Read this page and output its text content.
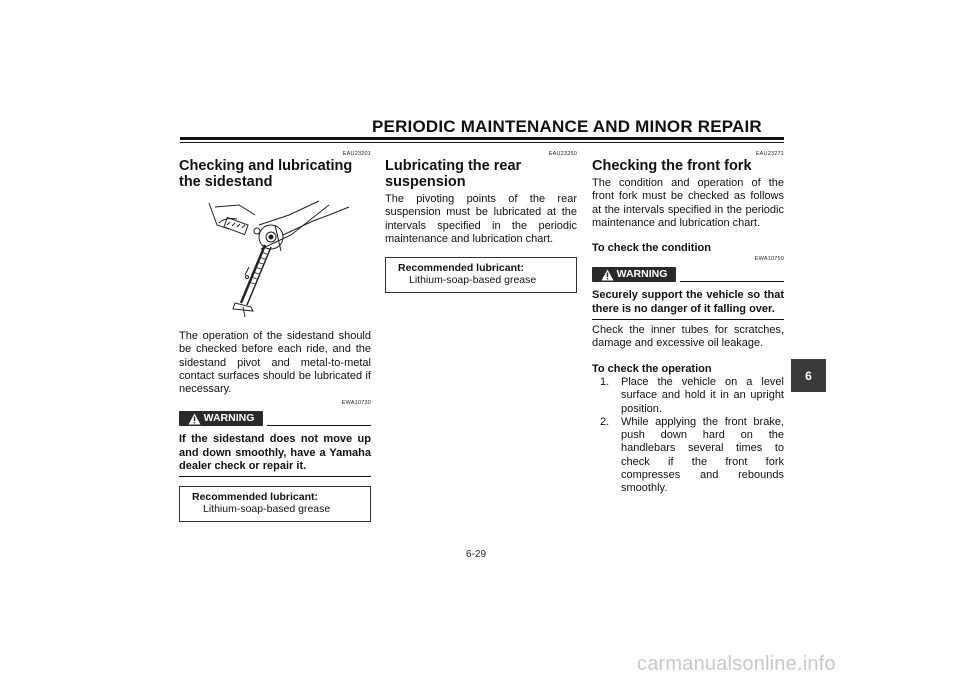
PERIODIC MAINTENANCE AND MINOR REPAIR
EAU23201
Checking and lubricating the sidestand

The operation of the sidestand should be checked before each ride, and the sidestand pivot and metal-to-metal contact surfaces should be lubricated if necessary.

EWA10730
WARNING

If the sidestand does not move up and down smoothly, have a Yamaha dealer check or repair it.

Recommended lubricant:
Lithium-soap-based grease
EAU23250
Lubricating the rear suspension

The pivoting points of the rear suspension must be lubricated at the intervals specified in the periodic maintenance and lubrication chart.

Recommended lubricant:
Lithium-soap-based grease
EAU23271
Checking the front fork

The condition and operation of the front fork must be checked as follows at the intervals specified in the periodic maintenance and lubrication chart.

To check the condition
EWA10750
WARNING

Securely support the vehicle so that there is no danger of it falling over.

Check the inner tubes for scratches, damage and excessive oil leakage.

To check the operation
1. Place the vehicle on a level surface and hold it in an upright position.
2. While applying the front brake, push down hard on the handlebars several times to check if the front fork compresses and rebounds smoothly.
6-29
6
carmanualsonline.info
